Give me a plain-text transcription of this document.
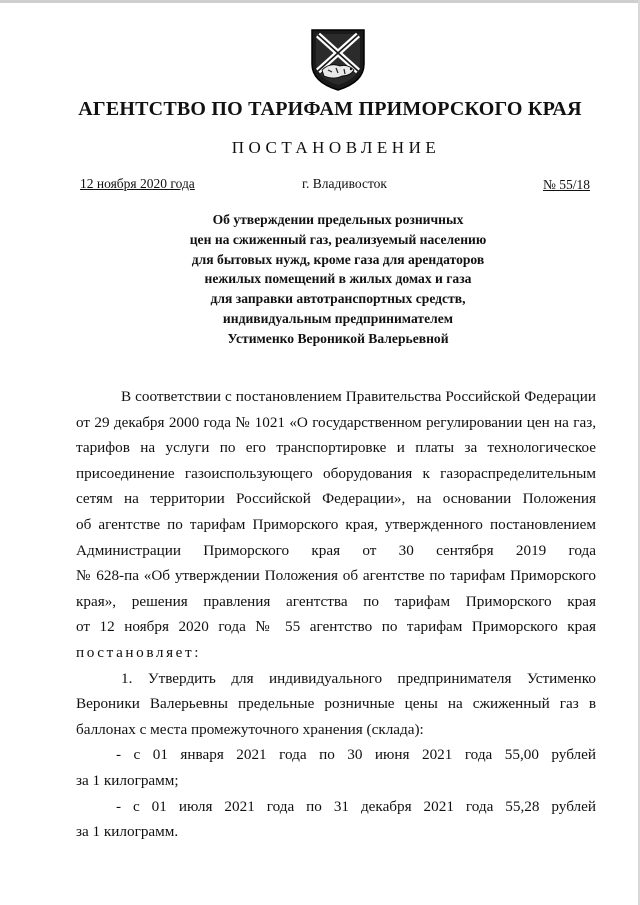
АГЕНТСТВО ПО ТАРИФАМ ПРИМОРСКОГО КРАЯ
ПОСТАНОВЛЕНИЕ
12 ноября 2020 года	г. Владивосток	№ 55/18
Об утверждении предельных розничных
цен на сжиженный газ, реализуемый населению
для бытовых нужд, кроме газа для арендаторов
нежилых помещений в жилых домах и газа
для заправки автотранспортных средств,
индивидуальным предпринимателем
Устименко Вероникой Валерьевной
В соответствии с постановлением Правительства Российской Федерации
от 29 декабря 2000 года № 1021 «О государственном регулировании цен на газ,
тарифов на услуги по его транспортировке и платы за технологическое
присоединение газоиспользующего оборудования к газораспределительным
сетям на территории Российской Федерации», на основании Положения
об агентстве по тарифам Приморского края, утвержденного постановлением
Администрации Приморского края от 30 сентября 2019 года
№ 628-па «Об утверждении Положения об агентстве по тарифам Приморского
края», решения правления агентства по тарифам Приморского края
от 12 ноября 2020 года № 55 агентство по тарифам Приморского края
постановляет:
1. Утвердить для индивидуального предпринимателя Устименко
Вероники Валерьевны предельные розничные цены на сжиженный газ в
баллонах с места промежуточного хранения (склада):
- с 01 января 2021 года по 30 июня 2021 года 55,00 рублей
за 1 килограмм;
- с 01 июля 2021 года по 31 декабря 2021 года 55,28 рублей
за 1 килограмм.
